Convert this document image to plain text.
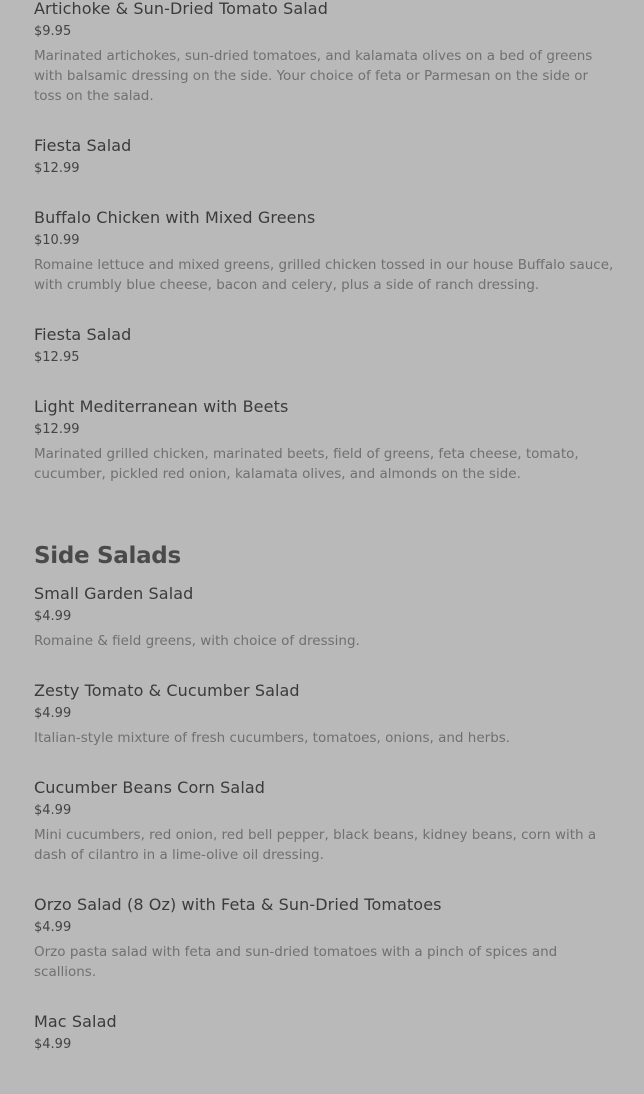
Artichoke & Sun-Dried Tomato Salad
$9.95
Marinated artichokes, sun-dried tomatoes, and kalamata olives on a bed of greens with balsamic dressing on the side. Your choice of feta or Parmesan on the side or toss on the salad.
Fiesta Salad
$12.99
Buffalo Chicken with Mixed Greens
$10.99
Romaine lettuce and mixed greens, grilled chicken tossed in our house Buffalo sauce, with crumbly blue cheese, bacon and celery, plus a side of ranch dressing.
Fiesta Salad
$12.95
Light Mediterranean with Beets
$12.99
Marinated grilled chicken, marinated beets, field of greens, feta cheese, tomato, cucumber, pickled red onion, kalamata olives, and almonds on the side.
Side Salads
Small Garden Salad
$4.99
Romaine & field greens, with choice of dressing.
Zesty Tomato & Cucumber Salad
$4.99
Italian-style mixture of fresh cucumbers, tomatoes, onions, and herbs.
Cucumber Beans Corn Salad
$4.99
Mini cucumbers, red onion, red bell pepper, black beans, kidney beans, corn with a dash of cilantro in a lime-olive oil dressing.
Orzo Salad (8 Oz) with Feta & Sun-Dried Tomatoes
$4.99
Orzo pasta salad with feta and sun-dried tomatoes with a pinch of spices and scallions.
Mac Salad
$4.99
